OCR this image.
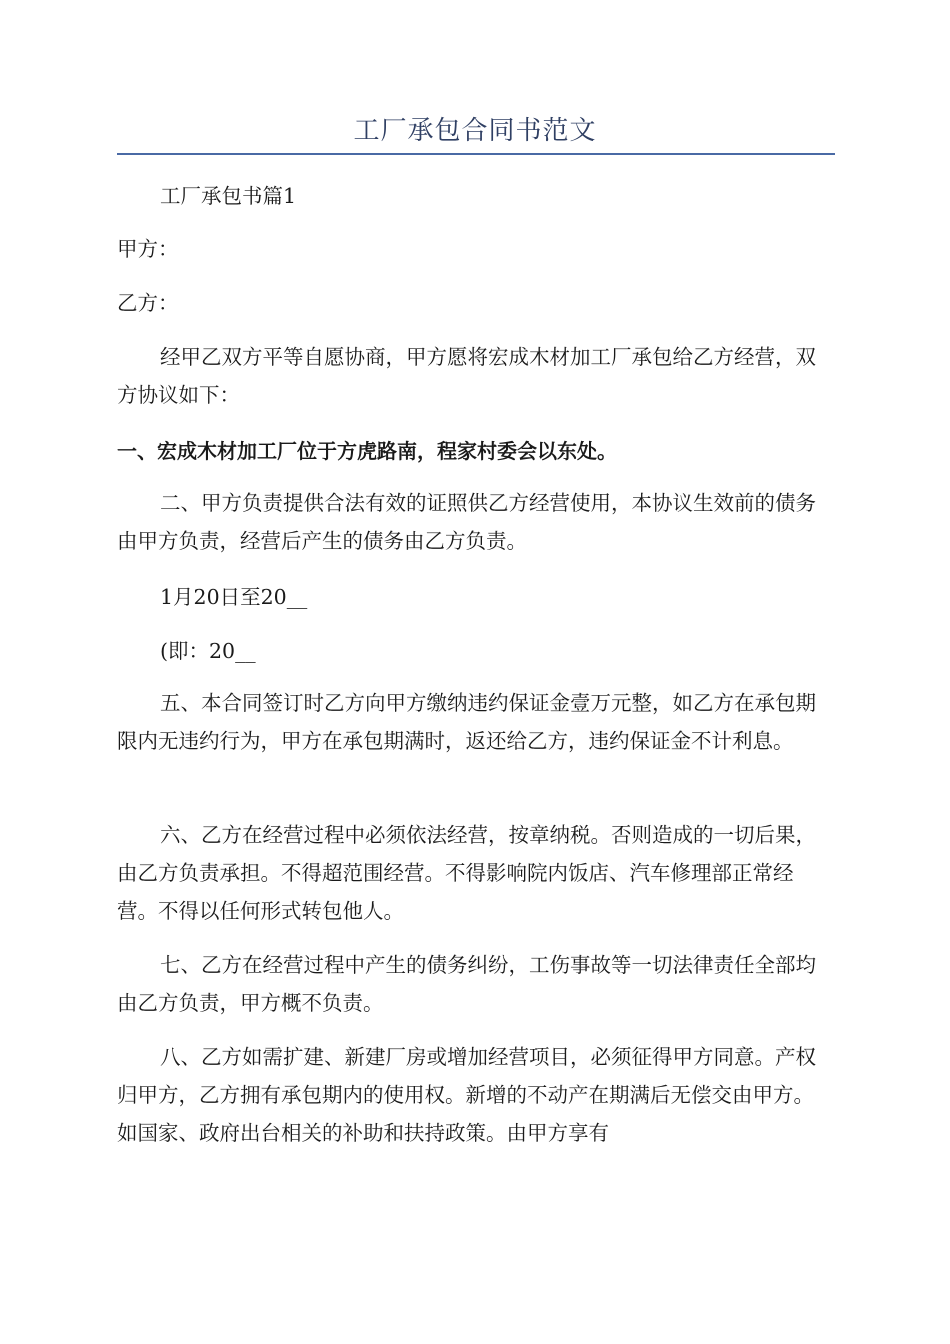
工厂承包合同书范文

工厂承包书篇1

甲方：

乙方：

经甲乙双方平等自愿协商，甲方愿将宏成木材加工厂承包给乙方经营，双方协议如下：

一、宏成木材加工厂位于方虎路南，程家村委会以东处。

二、甲方负责提供合法有效的证照供乙方经营使用，本协议生效前的债务由甲方负责，经营后产生的债务由乙方负责。

1月20日至20__

(即：20__

五、本合同签订时乙方向甲方缴纳违约保证金壹万元整，如乙方在承包期限内无违约行为，甲方在承包期满时，返还给乙方，违约保证金不计利息。

六、乙方在经营过程中必须依法经营，按章纳税。否则造成的一切后果，由乙方负责承担。不得超范围经营。不得影响院内饭店、汽车修理部正常经营。不得以任何形式转包他人。

七、乙方在经营过程中产生的债务纠纷，工伤事故等一切法律责任全部均由乙方负责，甲方概不负责。

八、乙方如需扩建、新建厂房或增加经营项目，必须征得甲方同意。产权归甲方，乙方拥有承包期内的使用权。新增的不动产在期满后无偿交由甲方。如国家、政府出台相关的补助和扶持政策。由甲方享有
